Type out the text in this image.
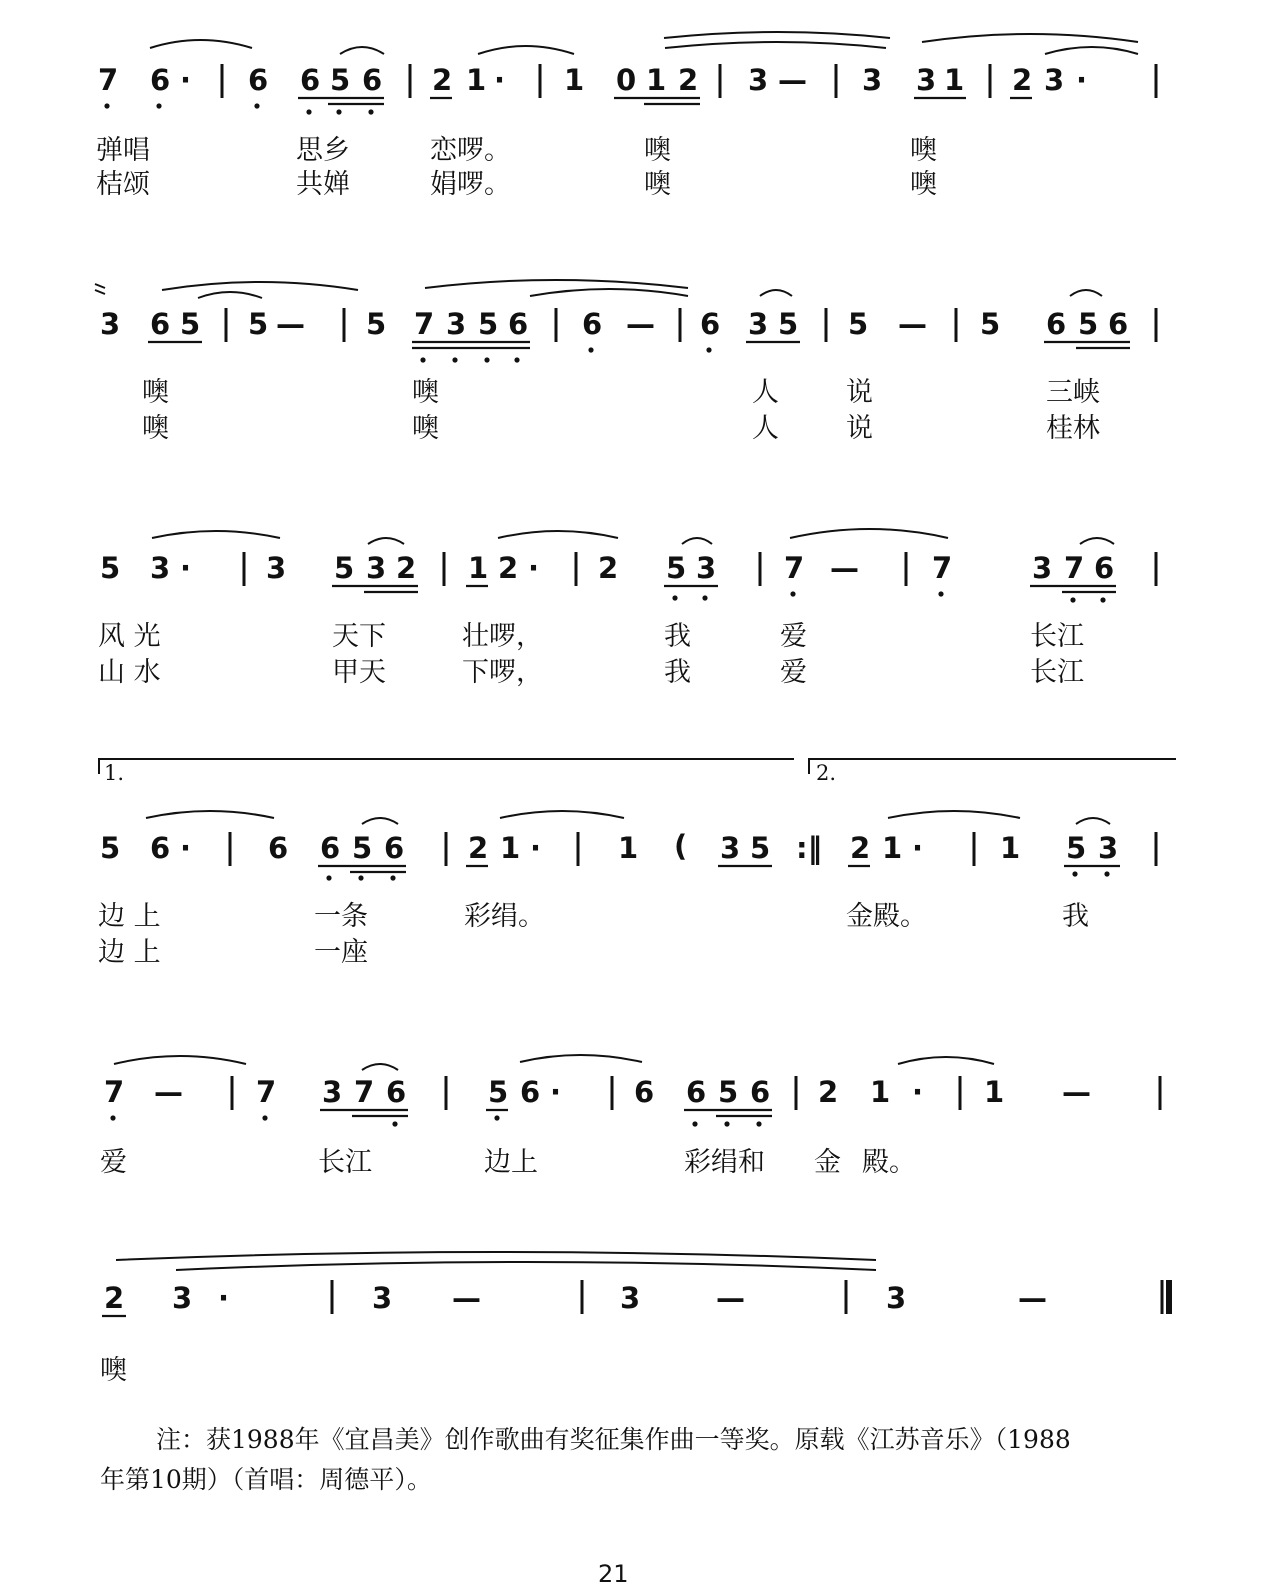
7 6 · 6 6 5 6 2 1 · 1 0 1 2 3 — 3 3 1 2 3 ·
弹唱	思乡	恋啰。	噢	噢
桔颂	共婵	娟啰。	噢	噢
3 6 5 5 — 5 7 3 5 6 6 — 6 3 5 5 — 5 6 5 6
噢	噢	人 说	三峡
噢	噢	人 说	桂林
5 3 ·	3 5 3 2 1 2 · 2 5 3 7 —	7	3 7 6
风 光	天下	壮啰，	我	爱	长江
山 水	甲天	下啰，	我	爱	长江
1.	2.
5 6 ·	6 6 5 6 2 1 ·	1 ( 3 5 :‖ 2 1 ·	1 5 3
边 上	一条	彩绢。	金殿。	我
边 上	一座
7 —	7 3 7 6	5 6 ·	6 6 5 6 2 1 · 1 —
爱	长江	边上	彩绢和 金 殿。
2 3 ·	3 —	3	—	3	—
噢
注：获1988年《宜昌美》创作歌曲有奖征集作曲一等奖。原载《江苏音乐》（1988
年第10期）（首唱：周德平）。
21
